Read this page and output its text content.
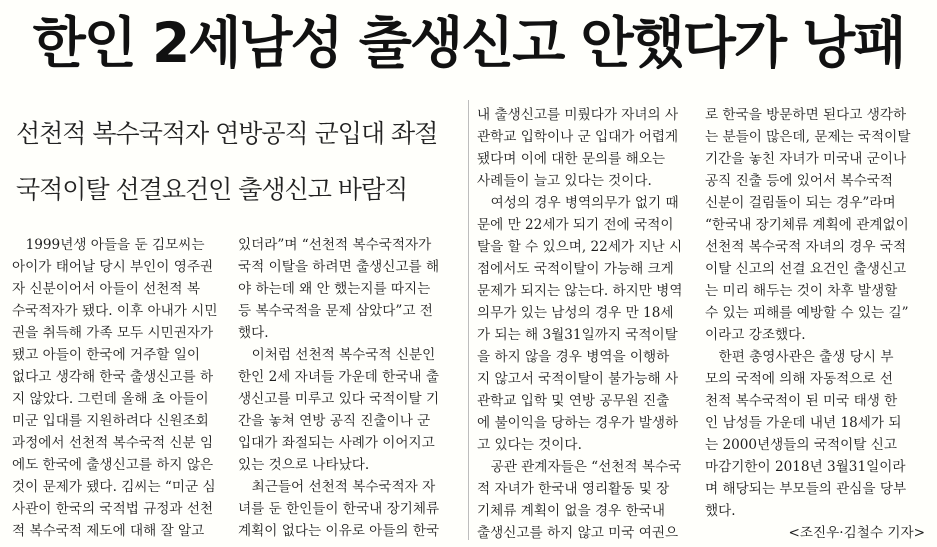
한인 2세남성 출생신고 안했다가 낭패
선천적 복수국적자 연방공직 군입대 좌절
국적이탈 선결요건인 출생신고 바람직
　1999년생 아들을 둔 김모씨는
아이가 태어날 당시 부인이 영주권
자 신분이어서 아들이 선천적 복
수국적자가 됐다. 이후 아내가 시민
권을 취득해 가족 모두 시민권자가
됐고 아들이 한국에 거주할 일이
없다고 생각해 한국 출생신고를 하
지 않았다. 그런데 올해 초 아들이
미군 입대를 지원하려다 신원조회
과정에서 선천적 복수국적 신분 임
에도 한국에 출생신고를 하지 않은
것이 문제가 됐다. 김씨는 “미군 심
사관이 한국의 국적법 규정과 선천
적 복수국적 제도에 대해 잘 알고
있더라”며 “선천적 복수국적자가
국적 이탈을 하려면 출생신고를 해
야 하는데 왜 안 했는지를 따지는
등 복수국적을 문제 삼았다”고 전
했다.
　이처럼 선천적 복수국적 신분인
한인 2세 자녀들 가운데 한국내 출
생신고를 미루고 있다 국적이탈 기
간을 놓쳐 연방 공직 진출이나 군
입대가 좌절되는 사례가 이어지고
있는 것으로 나타났다.
　최근들어 선천적 복수국적자 자
녀를 둔 한인들이 한국내 장기체류
계획이 없다는 이유로 아들의 한국
내 출생신고를 미뤘다가 자녀의 사
관학교 입학이나 군 입대가 어렵게
됐다며 이에 대한 문의를 해오는
사례들이 늘고 있다는 것이다.
　여성의 경우 병역의무가 없기 때
문에 만 22세가 되기 전에 국적이
탈을 할 수 있으며, 22세가 지난 시
점에서도 국적이탈이 가능해 크게
문제가 되지는 않는다. 하지만 병역
의무가 있는 남성의 경우 만 18세
가 되는 해 3월31일까지 국적이탈
을 하지 않을 경우 병역을 이행하
지 않고서 국적이탈이 불가능해 사
관학교 입학 및 연방 공무원 진출
에 불이익을 당하는 경우가 발생하
고 있다는 것이다.
　공관 관계자들은 “선천적 복수국
적 자녀가 한국내 영리활동 및 장
기체류 계획이 없을 경우 한국내
출생신고를 하지 않고 미국 여권으
로 한국을 방문하면 된다고 생각하
는 분들이 많은데, 문제는 국적이탈
기간을 놓친 자녀가 미국내 군이나
공직 진출 등에 있어서 복수국적
신분이 걸림돌이 되는 경우”라며
“한국내 장기체류 계획에 관계없이
선천적 복수국적 자녀의 경우 국적
이탈 신고의 선결 요건인 출생신고
는 미리 해두는 것이 차후 발생할
수 있는 피해를 예방할 수 있는 길”
이라고 강조했다.
　한편 총영사관은 출생 당시 부
모의 국적에 의해 자동적으로 선
천적 복수국적이 된 미국 태생 한
인 남성들 가운데 내년 18세가 되
는 2000년생들의 국적이탈 신고
마감기한이 2018년 3월31일이라
며 해당되는 부모들의 관심을 당부
했다.
<조진우·김철수 기자>
